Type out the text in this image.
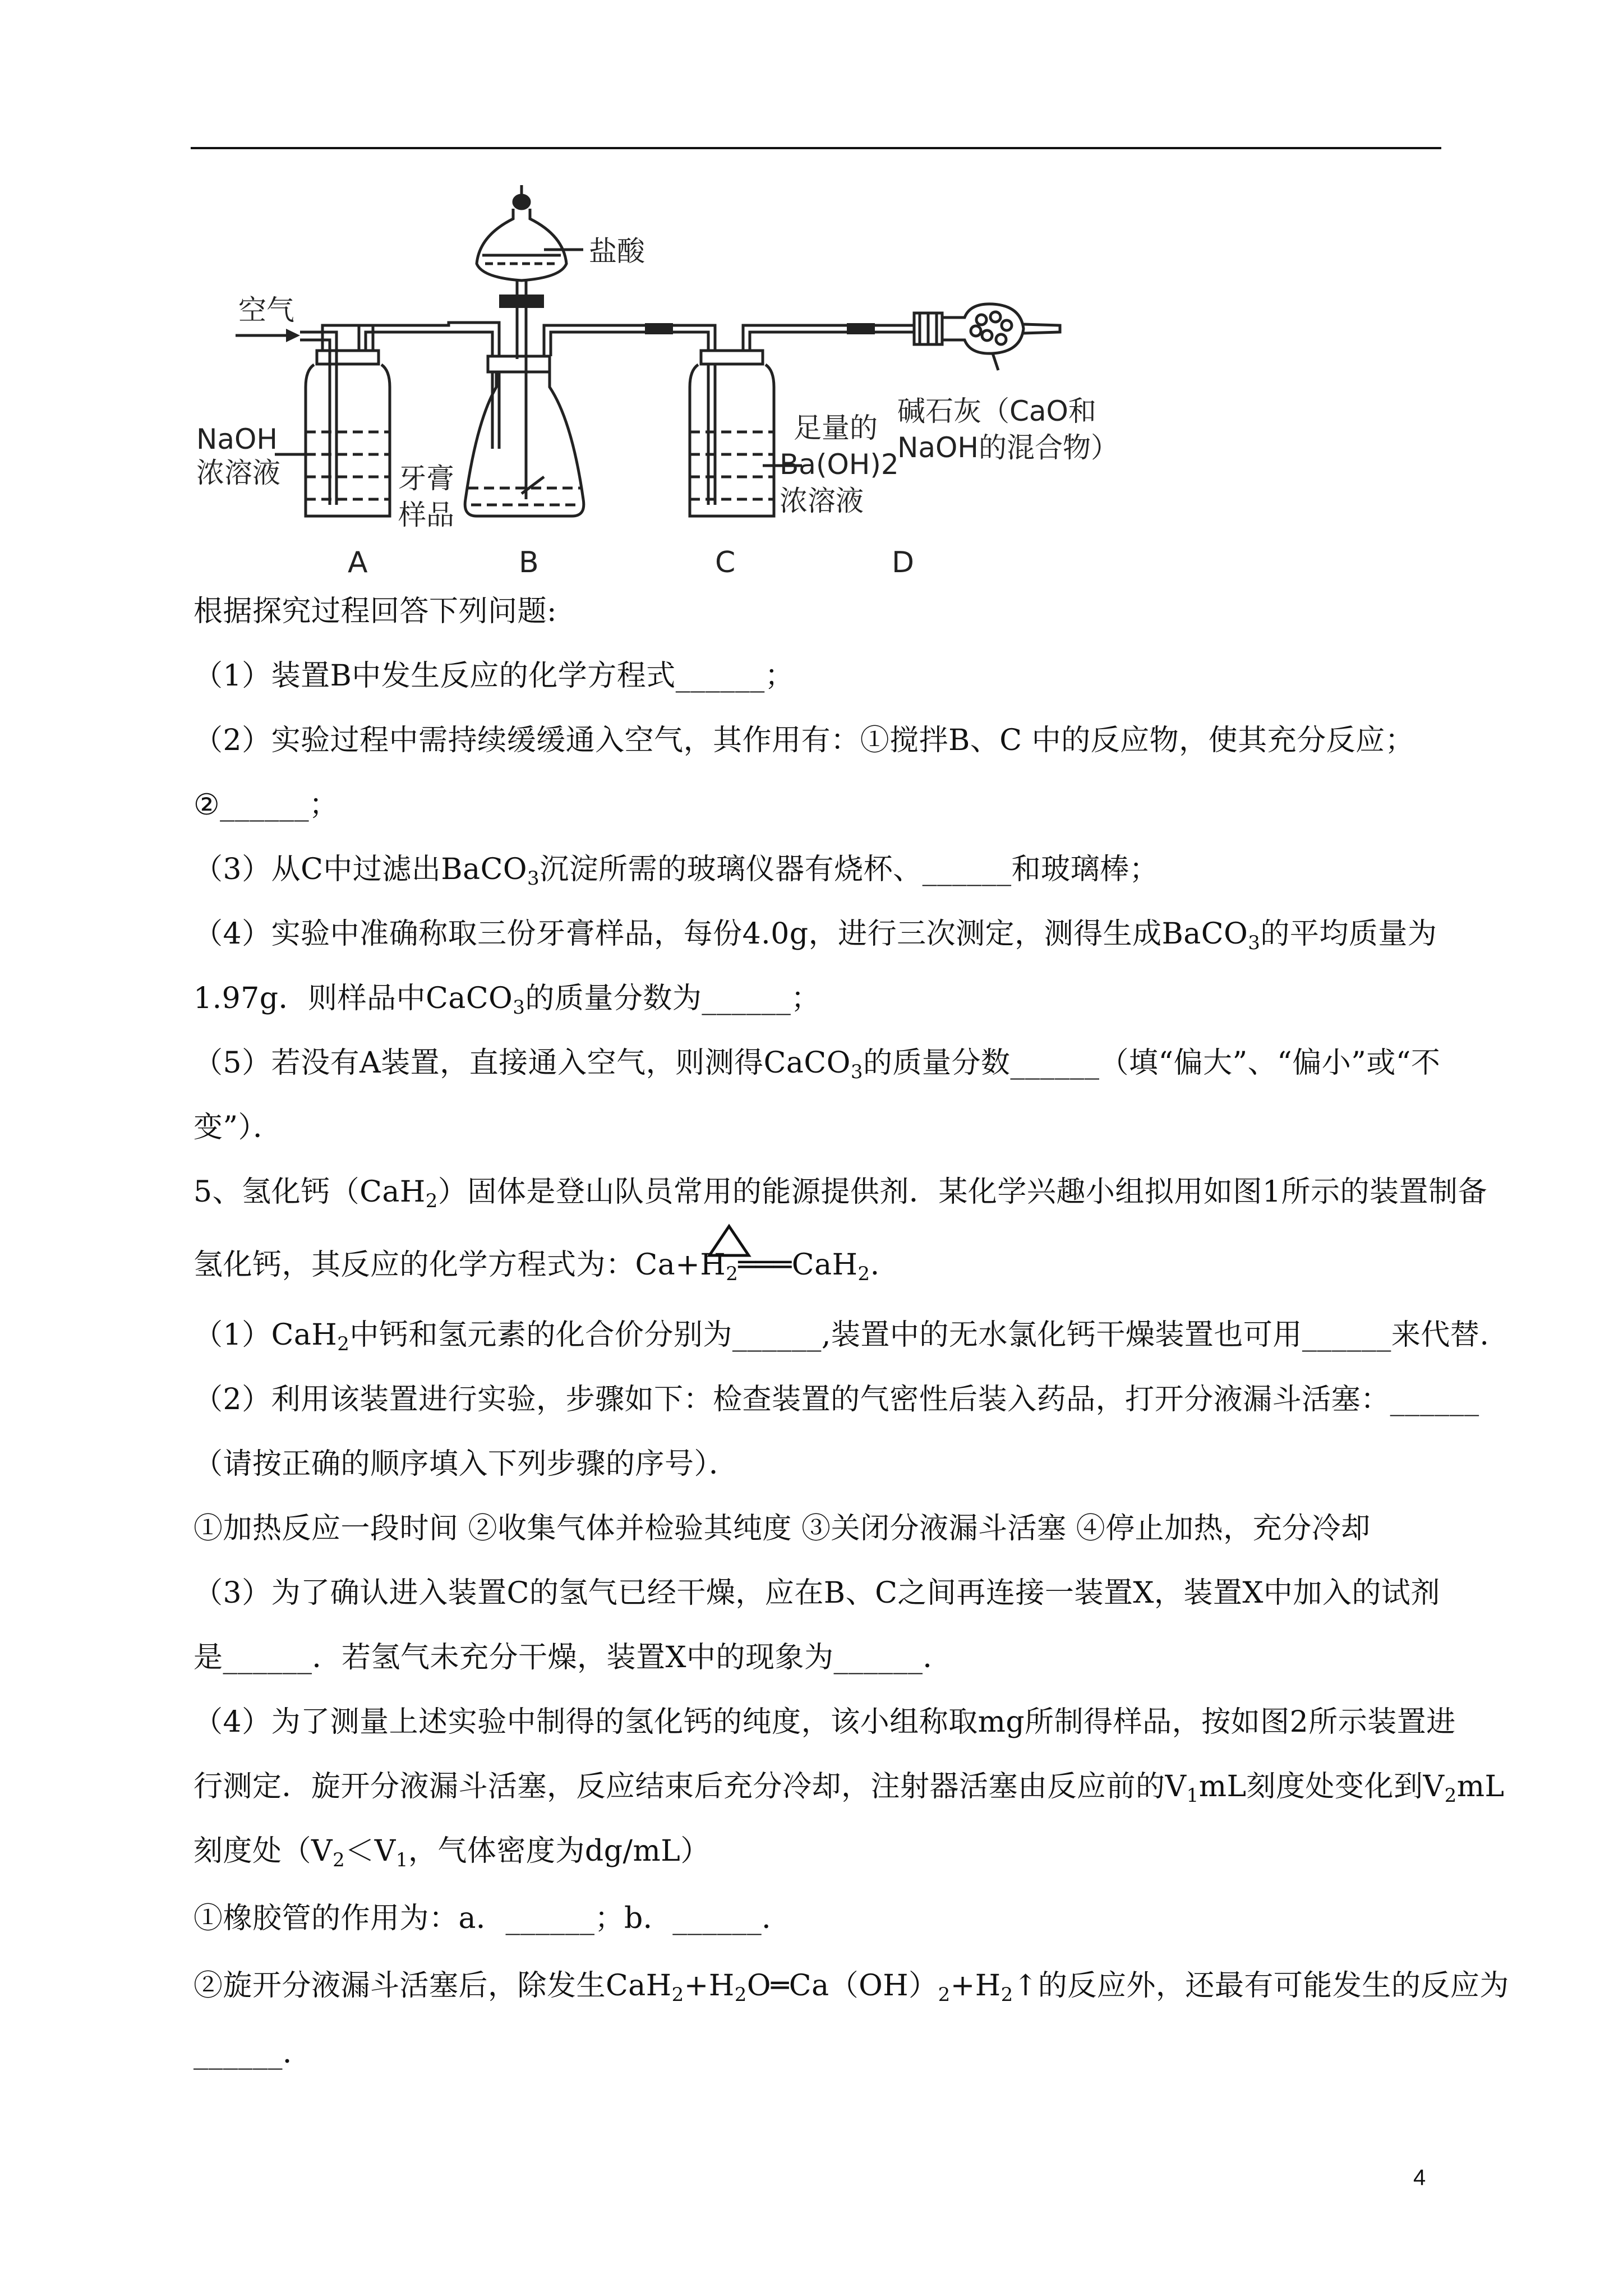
空气
盐酸
NaOH
浓溶液	牙膏
样品
足量的
Ba(OH)2
浓溶液
碱石灰（CaO和
NaOH的混合物）
A	B	C	D
根据探究过程回答下列问题:
（1）装置B中发生反应的化学方程式______；
（2）实验过程中需持续缓缓通入空气，其作用有：①搅拌B、C 中的反应物，使其充分反应；
②______；
（3）从C中过滤出BaCO$_3$沉淀所需的玻璃仪器有烧杯、______和玻璃棒；
（4）实验中准确称取三份牙膏样品，每份4.0g，进行三次测定，测得生成BaCO$_3$的平均质量为
1.97g．则样品中CaCO$_3$的质量分数为______；
（5）若没有A装置，直接通入空气，则测得CaCO$_3$的质量分数______（填“偏大”、“偏小”或“不
变”）．
5、氢化钙（CaH$_2$）固体是登山队员常用的能源提供剂．某化学兴趣小组拟用如图1所示的装置制备
氢化钙，其反应的化学方程式为：$Ca+H_2═══CaH_2$.
（1）CaH$_2$中钙和氢元素的化合价分别为______,装置中的无水氯化钙干燥装置也可用______来代替.
（2）利用该装置进行实验，步骤如下：检查装置的气密性后装入药品，打开分液漏斗活塞：______
（请按正确的顺序填入下列步骤的序号）．
①加热反应一段时间 ②收集气体并检验其纯度 ③关闭分液漏斗活塞 ④停止加热，充分冷却
（3）为了确认进入装置C的氢气已经干燥，应在B、C之间再连接一装置X，装置X中加入的试剂
是______．若氢气未充分干燥，装置X中的现象为______．
（4）为了测量上述实验中制得的氢化钙的纯度，该小组称取mg所制得样品，按如图2所示装置进
行测定．旋开分液漏斗活塞，反应结束后充分冷却，注射器活塞由反应前的$V_1mL$刻度处变化到$V_2mL$
刻度处（$V_2<V_1$，气体密度为dg/mL）
①橡胶管的作用为：a．______；b．______．
②旋开分液漏斗活塞后，除发生$CaH_2+H_2O═Ca(OH)_2+H_2↑$的反应外，还最有可能发生的反应为
______．
4
